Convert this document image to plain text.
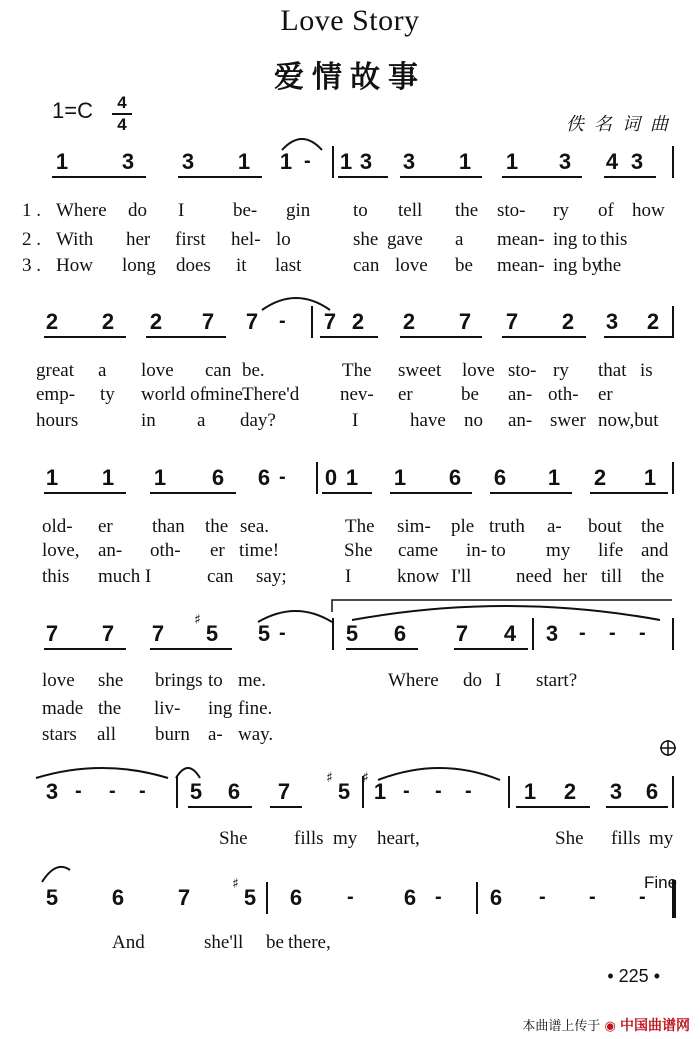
Love Story
爱情故事
1=C	4
4	佚名词曲
1 3 3 1 1 - 1 3 3 1 1 3 4 3
1 . Where do I	be- gin to tell the sto- ry of how
2 . With her first hel- lo	she gave a mean- ing to this
3 . How long does it last	can love be mean- ing by
the
2 2 2 7 7 - 7 2 2 7 7 2 3 2
great a love can be.	The sweet love sto- ry that is
emp- ty world of mine.
There'd nev- er	be an- oth- er
hours	in a day?	I	have no an- swer now,but
1 1 1 6 6 - 0 1 1 6 6 1 2 1
old- er than the sea.	The sim- ple truth a- bout the
love, an- oth- er time!	She came in- to my life and
this much I	can say;	I know I'll need her till the
7 7 7 5 5 -	5 6 7 4 3 - - -
♯
love she brings to me.	Where do I start?
made the liv- ing fine.
stars all burn a- way.
3 - - - 5 6 7 5 1 - - - 1 2 3 6
♯ ♯
She fills my heart,	She fills my
5 6 7 5 6 - 6 - 6 - - -
♯
And	she'll be there,
Fine
• 225 •
本曲谱上传于 ◉ 中国曲谱网
